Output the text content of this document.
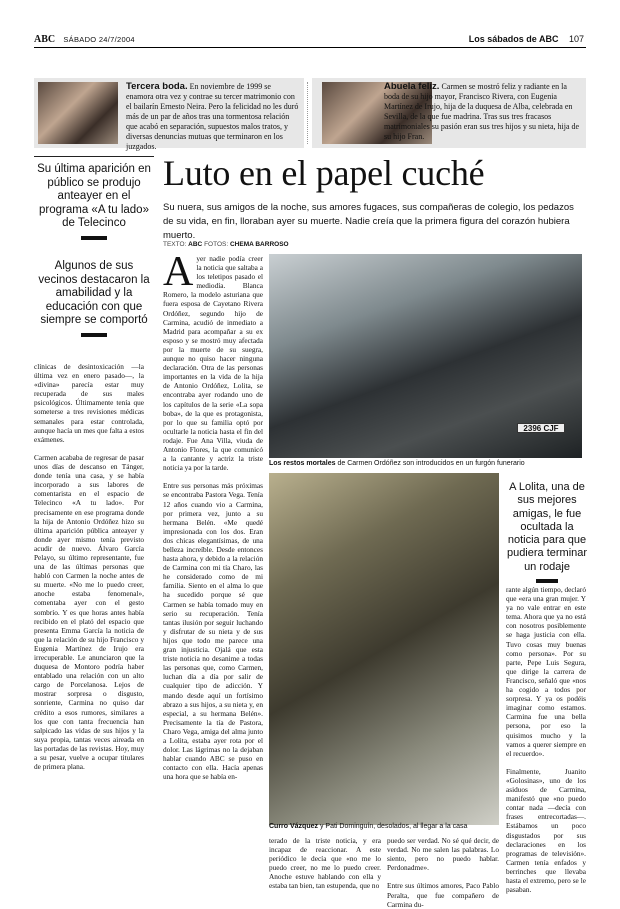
ABC SÁBADO 24/7/2004	Los sábados de ABC 107
Tercera boda. En noviembre de 1999 se enamora otra vez y contrae su tercer matrimonio con el bailarín Ernesto Neira. Pero la felicidad no les duró más de un par de años tras una tormentosa relación que acabó en separación, supuestos malos tratos, y diversas denuncias mutuas que terminaron en los juzgados.
Abuela feliz. Carmen se mostró feliz y radiante en la boda de su hijo mayor, Francisco Rivera, con Eugenia Martínez de Irujo, hija de la duquesa de Alba, celebrada en Sevilla, de la que fue madrina. Tras sus tres fracasos matrimoniales su pasión eran sus tres hijos y su nieta, hija de su hijo Fran.
Su última aparición en público se produjo anteayer en el programa «A tu lado» de Telecinco
Algunos de sus vecinos destacaron la amabilidad y la educación con que siempre se comportó
Luto en el papel cuché

Su nuera, sus amigos de la noche, sus amores fugaces, sus compañeras de colegio, los pedazos de su vida, en fin, lloraban ayer su muerte. Nadie creía que la primera figura del corazón hubiera muerto.

TEXTO: ABC FOTOS: CHEMA BARROSO
clínicas de desintoxicación —la última vez en enero pasado—, la «divina» parecía estar muy recuperada de sus males psicológicos. Últimamente tenía que someterse a tres revisiones médicas semanales para estar controlada, aunque hacía un mes que falta a estos exámenes.

Carmen acababa de regresar de pasar unos días de descanso en Tánger, donde tenía una casa, y se había incorporado a sus labores de comentarista en el espacio de Telecinco «A tu lado». Por precisamente en ese programa donde la hija de Antonio Ordóñez hizo su última aparición pública anteayer y donde ayer mismo tenía previsto acudir de nuevo. Álvaro García Pelayo, su último representante, fue una de las últimas personas que habló con Carmen la noche antes de su muerte. «No me lo puedo creer, anoche estaba fenomenal», comentaba ayer con el gesto sombrío. Y es que horas antes había recibido en el plató del espacio que presenta Emma García la noticia de que la relación de su hijo Francisco y Eugenia Martínez de Irujo era irrecuperable. Le anunciaron que la duquesa de Montoro podría haber entablado una relación con un alto cargo de Porcelanosa. Lejos de mostrar sorpresa o disgusto, sonriente, Carmina no quiso dar crédito a esos rumores, similares a los que con tanta frecuencia han salpicado las vidas de sus hijos y la suya propia, tantas veces aireada en las portadas de las revistas. Hoy, muy a su pesar, vuelve a ocupar titulares de primera plana.
A yer nadie podía creer la noticia que saltaba a los teletipos pasado el mediodía. Blanca Romero, la modelo asturiana que fuera esposa de Cayetano Rivera Ordóñez, segundo hijo de Carmina, acudió de inmediato a Madrid para acompañar a su ex esposo y se mostró muy afectada por la muerte de su suegra, aunque no quiso hacer ninguna declaración. Otra de las personas importantes en la vida de la hija de Antonio Ordóñez, Lolita, se encontraba ayer rodando uno de los capítulos de la serie «La sopa boba», de la que es protagonista, por lo que su familia optó por ocultarle la noticia hasta el fin del rodaje. Fue Ana Villa, viuda de Antonio Flores, la que comunicó a la cantante y actriz la triste noticia ya por la tarde.

Entre sus personas más próximas se encontraba Pastora Vega. Tenía 12 años cuando vio a Carmina, por primera vez, junto a su hermana Belén. «Me quedé impresionada con los dos. Eran dos chicas elegantísimas, de una belleza increíble. Desde entonces hasta ahora, y debido a la relación de Carmina con mi tía Charo, las he considerado como de mi familia. Siento en el alma lo que ha sucedido porque sé que Carmen se había tomado muy en serio su recuperación. Tenía tantas ilusión por seguir luchando y disfrutar de su nieta y de sus hijos que todo me parece una gran injusticia. Ojalá que esta triste noticia no desanime a todas las personas que, como Carmen, luchan día a día por salir de cualquier tipo de adicción. Y mando desde aquí un fortísimo abrazo a sus hijos, a su nieta y, en especial, a su hermana Belén». Precisamente la tía de Pastora, Charo Vega, amiga del alma junto a Lolita, estaba ayer rota por el dolor. Las lágrimas no la dejaban hablar cuando ABC se puso en contacto con ella. Hacía apenas una hora que se había en-
2396 CJF
Los restos mortales de Carmen Ordóñez son introducidos en un furgón funerario
Curro Vázquez y Pati Dominguín, desolados, al llegar a la casa
terado de la triste noticia, y era incapaz de reaccionar. A este periódico le decía que «no me lo puedo creer, no me lo puedo creer. Anoche estuve hablando con ella y estaba tan bien, tan estupenda, que no
puedo ser verdad. No sé qué decir, de verdad. No me salen las palabras. Lo siento, pero no puedo hablar. Perdonadme».

Entre sus últimos amores, Paco Pablo Peralta, que fue compañero de Carmina du-
A Lolita, una de sus mejores amigas, le fue ocultada la noticia para que pudiera terminar un rodaje
rante algún tiempo, declaró que «era una gran mujer. Y ya no vale entrar en este tema. Ahora que ya no está con nosotros posiblemente se haga justicia con ella. Tuvo cosas muy buenas como persona». Por su parte, Pepe Luis Segura, que dirige la carrera de Francisco, señaló que «nos ha cogido a todos por sorpresa. Y ya os podéis imaginar como estamos. Carmina fue una bella persona, por eso la quisimos mucho y la vamos a querer siempre en el recuerdo».

Finalmente, Juanito «Golosinas», uno de los asiduos de Carmina, manifestó que «no puedo contar nada —decía con frases entrecortadas—. Estábamos un poco disgustados por sus declaraciones en los programas de televisión». Carmen tenía enfados y berrinches que llevaba hasta el extremo, pero se le pasaban.
